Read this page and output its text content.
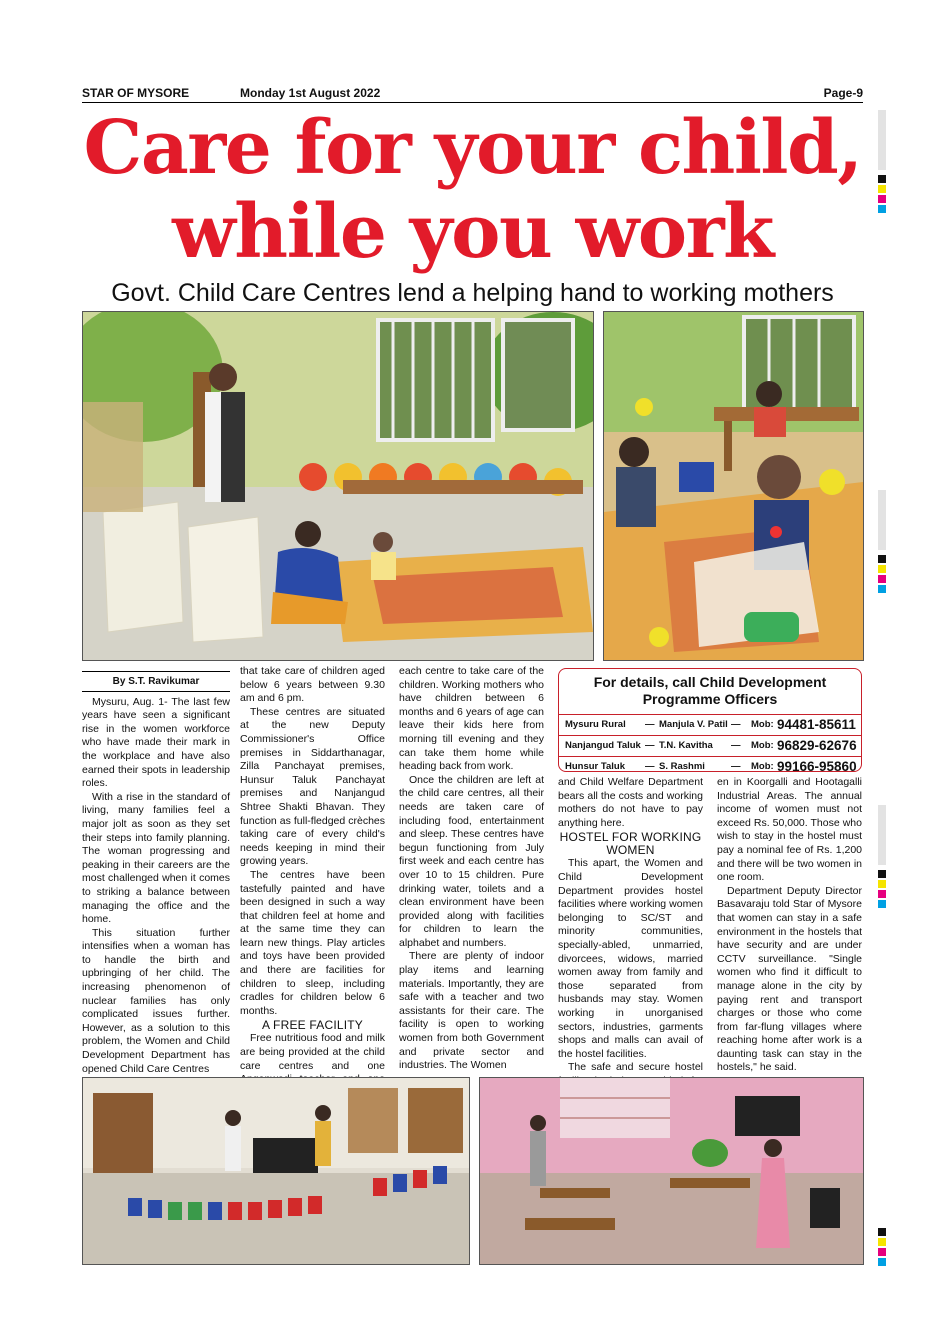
STAR OF MYSORE	Monday 1st August 2022	Page-9
Care for your child,
while you work
Govt. Child Care Centres lend a helping hand to working mothers
By S.T. Ravikumar

Mysuru, Aug. 1- The last few years have seen a significant rise in the women workforce who have made their mark in the workplace and have also earned their spots in leadership roles.

With a rise in the standard of living, many families feel a major jolt as soon as they set their steps into family planning. The woman progressing and peaking in their careers are the most challenged when it comes to striking a balance between managing the office and the home.

This situation further intensifies when a woman has to handle the birth and upbringing of her child. The increasing phenomenon of nuclear families has only complicated issues further. However, as a solution to this problem, the Women and Child Development Department has opened Child Care Centres

that take care of children aged below 6 years between 9.30 am and 6 pm.

These centres are situated at the new Deputy Commissioner's Office premises in Siddarthanagar, Zilla Panchayat premises, Hunsur Taluk Panchayat premises and Nanjangud Shtree Shakti Bhavan. They function as full-fledged crèches taking care of every child's needs keeping in mind their growing years.

The centres have been tastefully painted and have been designed in such a way that children feel at home and at the same time they can learn new things. Play articles and toys have been provided and there are facilities for children to sleep, including cradles for children below 6 months.

A FREE FACILITY

Free nutritious food and milk are being provided at the child care centres and one

each centre to take care of the children. Working mothers who have children between 6 months and 6 years of age can leave their kids here from morning till evening and they can take them home while heading back from work.

Once the children are left at the child care centres, all their needs are taken care of including food, entertainment and sleep. These centres have begun functioning from July first week and each centre has over 10 to 15 children. Pure drinking water, toilets and a clean environment have been provided along with facilities for children to learn the alphabet and numbers.

There are plenty of indoor play items and learning materials. Importantly, they are safe with a teacher and two assistants for their care. The facility is open to working women from both Government and private sector and industries. The Women

For details, call Child Development Programme Officers
Mysuru Rural — Manjula V. Patil — Mob: 94481-85611
Nanjangud Taluk — T.N. Kavitha — Mob: 96829-62676
Hunsur Taluk — S. Rashmi	— Mob: 99166-95860

and Child Welfare Department bears all the costs and working mothers do not have to pay anything here.

HOSTEL FOR WORKING WOMEN

This apart, the Women and Child Development Department provides hostel facilities where working women belonging to SC/ST and minority communities, specially-abled, unmarried, divorcees, widows, married women away from family and those separated from husbands may stay. Women working in unorganised sectors, industries, garments shops and malls can avail of the hostel facilities.

The safe and secure hostel

en in Koorgalli and Hootagalli Industrial Areas. The annual income of women must not exceed Rs. 50,000. Those who wish to stay in the hostel must pay a nominal fee of Rs. 1,200 and there will be two women in one room.

Department Deputy Director Basavaraju told Star of Mysore that women can stay in a safe environment in the hostels that have security and are under CCTV surveillance. "Single women who find it difficult to manage alone in the city by paying rent and transport charges or those who come from far-flung villages where reaching home after work is a daunting task can stay in the hostels," he said.
